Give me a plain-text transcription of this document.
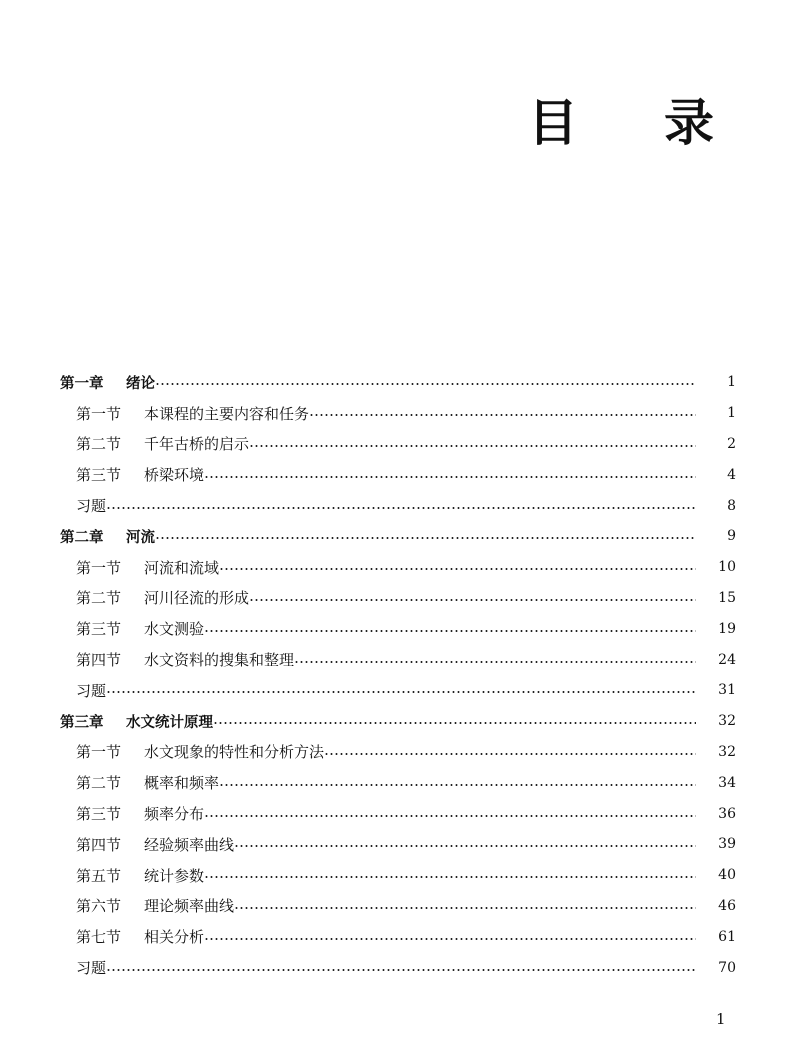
目 录
第一章 绪论	1
第一节 本课程的主要内容和任务	1
第二节 千年古桥的启示	2
第三节 桥梁环境	4
习题	8
第二章 河流	9
第一节 河流和流域	10
第二节 河川径流的形成	15
第三节 水文测验	19
第四节 水文资料的搜集和整理	24
习题	31
第三章 水文统计原理	32
第一节 水文现象的特性和分析方法	32
第二节 概率和频率	34
第三节 频率分布	36
第四节 经验频率曲线	39
第五节 统计参数	40
第六节 理论频率曲线	46
第七节 相关分析	61
习题	70
1
